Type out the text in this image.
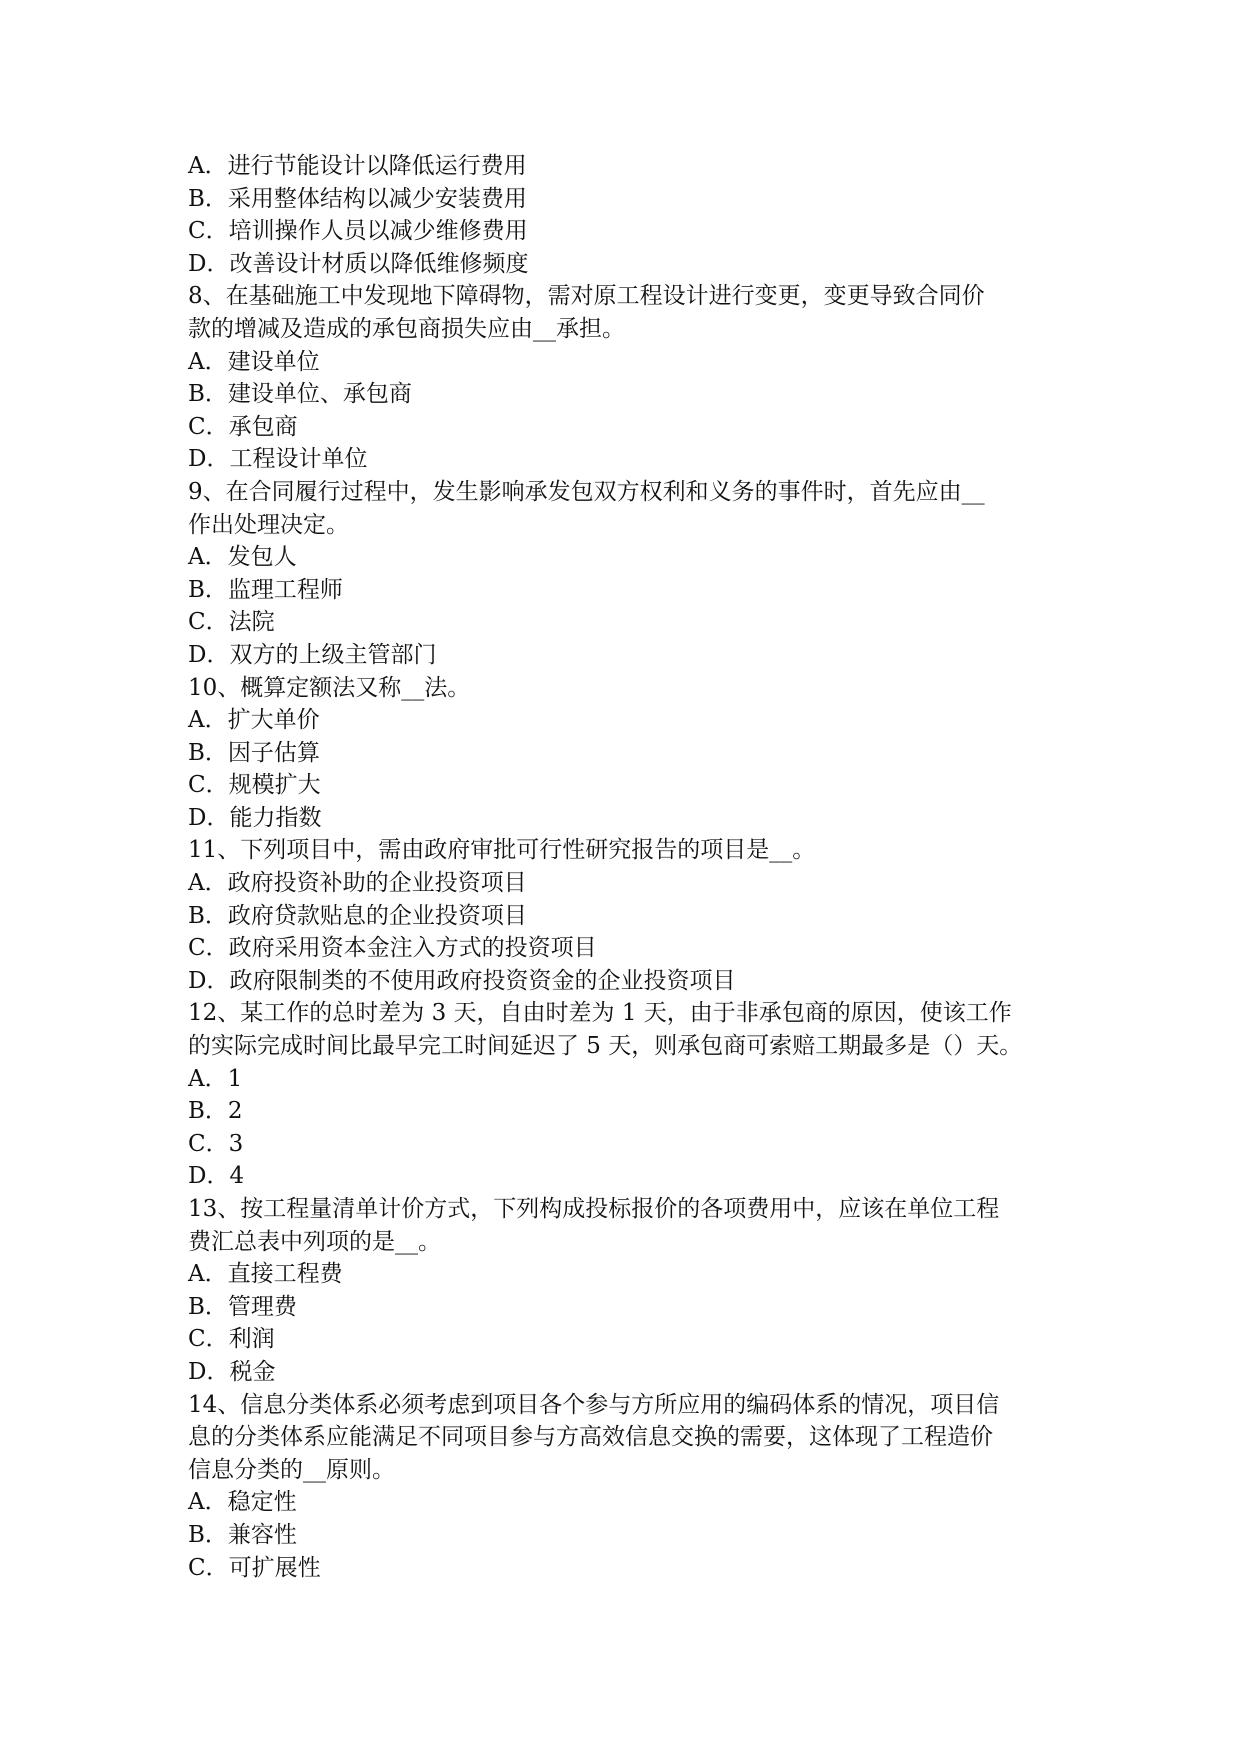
A．进行节能设计以降低运行费用
B．采用整体结构以减少安装费用
C．培训操作人员以减少维修费用
D．改善设计材质以降低维修频度
8、在基础施工中发现地下障碍物，需对原工程设计进行变更，变更导致合同价
款的增减及造成的承包商损失应由__承担。
A．建设单位
B．建设单位、承包商
C．承包商
D．工程设计单位
9、在合同履行过程中，发生影响承发包双方权利和义务的事件时，首先应由__
作出处理决定。
A．发包人
B．监理工程师
C．法院
D．双方的上级主管部门
10、概算定额法又称__法。
A．扩大单价
B．因子估算
C．规模扩大
D．能力指数
11、下列项目中，需由政府审批可行性研究报告的项目是__。
A．政府投资补助的企业投资项目
B．政府贷款贴息的企业投资项目
C．政府采用资本金注入方式的投资项目
D．政府限制类的不使用政府投资资金的企业投资项目
12、某工作的总时差为 3 天，自由时差为 1 天，由于非承包商的原因，使该工作
的实际完成时间比最早完工时间延迟了 5 天，则承包商可索赔工期最多是（）天。
A．1
B．2
C．3
D．4
13、按工程量清单计价方式，下列构成投标报价的各项费用中，应该在单位工程
费汇总表中列项的是__。
A．直接工程费
B．管理费
C．利润
D．税金
14、信息分类体系必须考虑到项目各个参与方所应用的编码体系的情况，项目信
息的分类体系应能满足不同项目参与方高效信息交换的需要，这体现了工程造价
信息分类的__原则。
A．稳定性
B．兼容性
C．可扩展性
